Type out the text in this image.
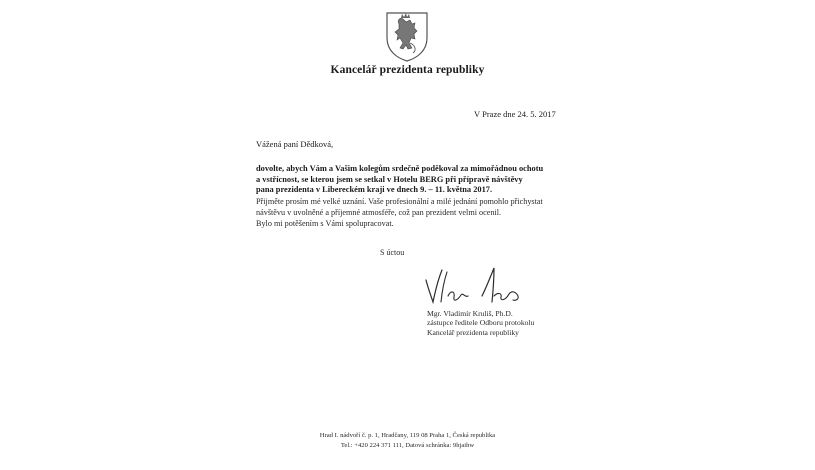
Kancelář prezidenta republiky
V Praze dne 24. 5. 2017
Vážená paní Dědková,
dovolte, abych Vám a Vašim kolegům srdečně poděkoval za mimořádnou ochotu
a vstřícnost, se kterou jsem se setkal v Hotelu BERG při přípravě návštěvy
pana prezidenta v Libereckém kraji ve dnech 9. – 11. května 2017.
Přijměte prosím mé velké uznání. Vaše profesionální a milé jednání pomohlo přichystat
návštěvu v uvolněné a příjemné atmosféře, což pan prezident velmi ocenil.
Bylo mi potěšením s Vámi spolupracovat.
S úctou
Mgr. Vladimír Kruliš, Ph.D.
zástupce ředitele Odboru protokolu
Kancelář prezidenta republiky
Hrad I. nádvoří č. p. 1, Hradčany, 119 08 Praha 1, Česká republika
Tel.: +420 224 371 111, Datová schránka: 9hjaihw
